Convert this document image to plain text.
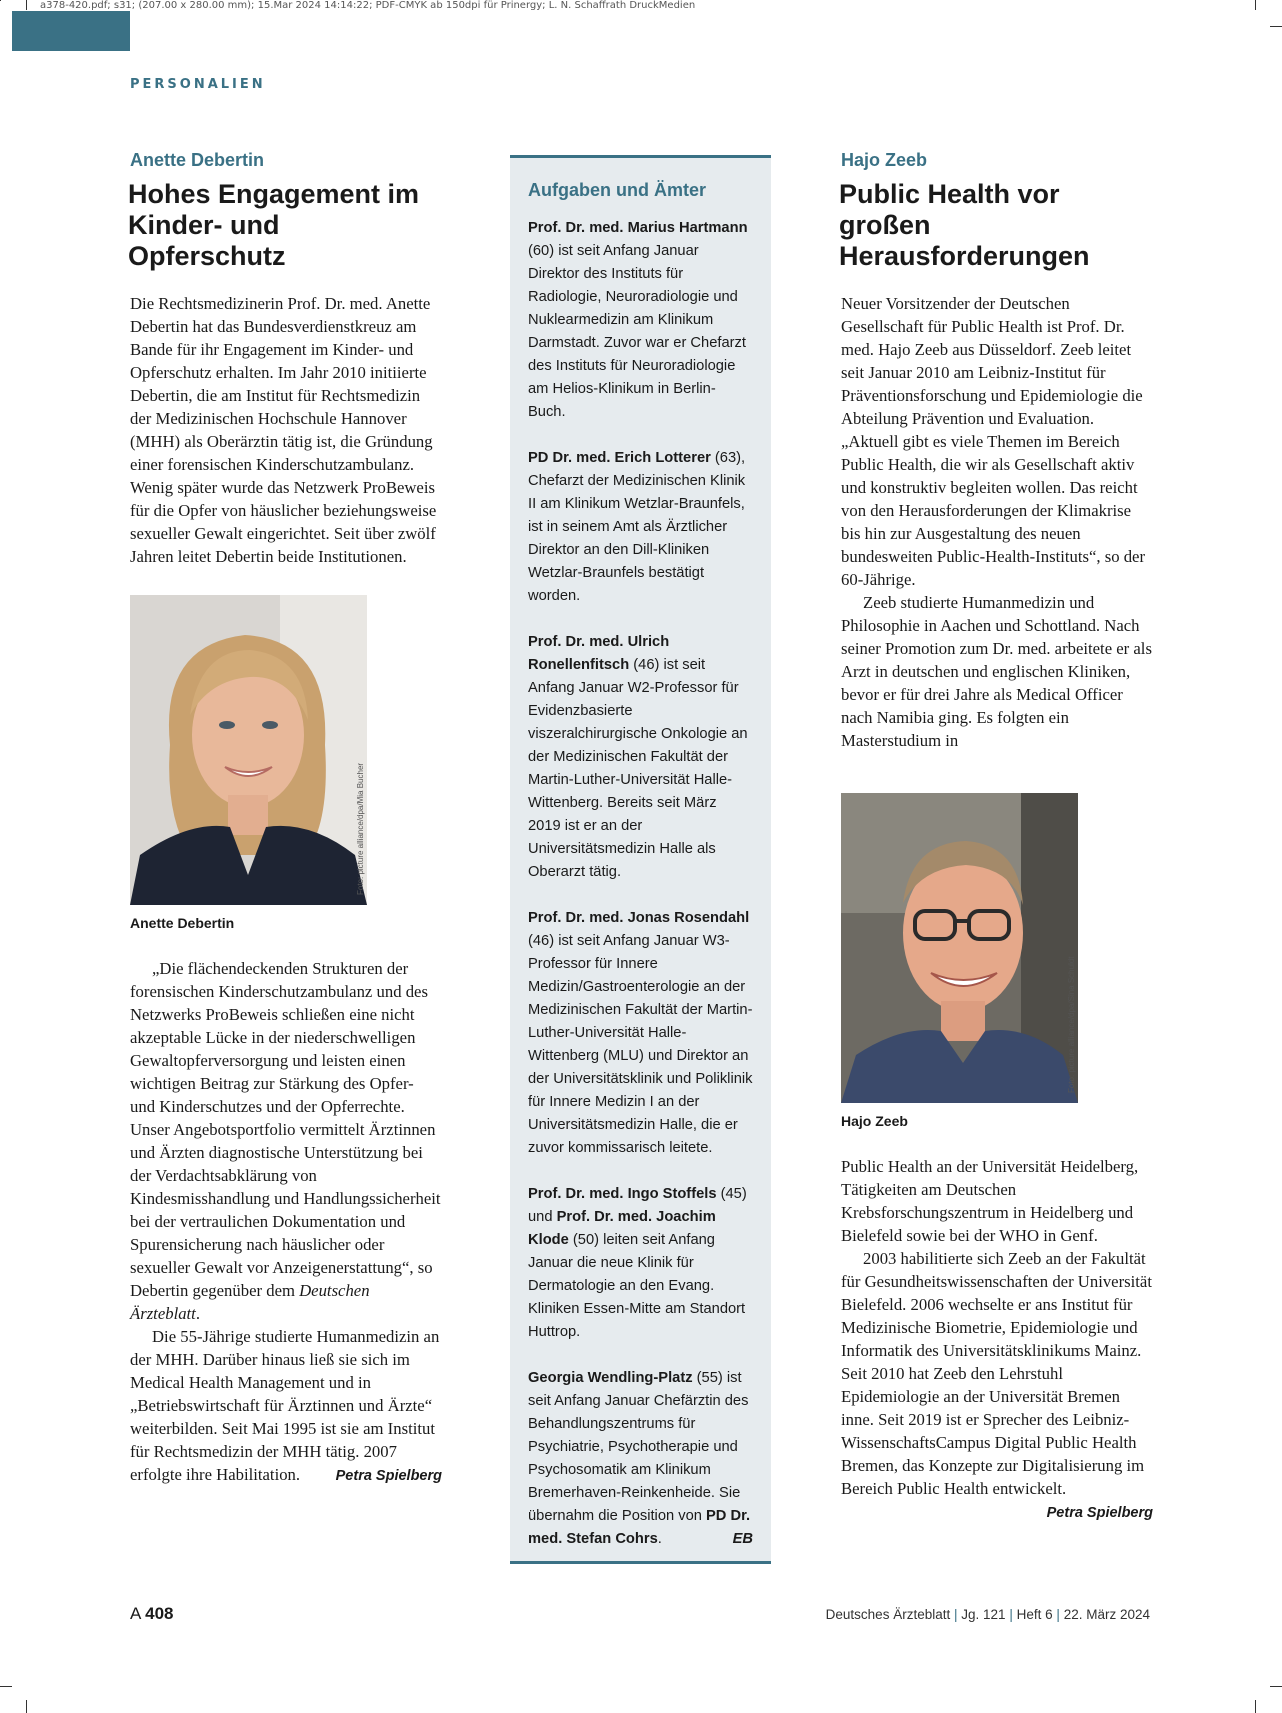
a378-420.pdf; s31; (207.00 x 280.00 mm); 15.Mar 2024 14:14:22; PDF-CMYK ab 150dpi für Prinergy; L. N. Schaffrath DruckMedien
PERSONALIEN

Anette Debertin

Hohes Engagement im
Kinder- und Opferschutz

Die Rechtsmedizinerin Prof. Dr. med. Anette Debertin hat das Bundesverdienstkreuz am Bande für ihr Engagement im Kinder- und Opferschutz erhalten. Im Jahr 2010 initiierte Debertin, die am Institut für Rechtsmedizin der Medizinischen Hochschule Hannover (MHH) als Oberärztin tätig ist, die Gründung einer forensischen Kinderschutzambulanz. Wenig später wurde das Netzwerk ProBeweis für die Opfer von häuslicher beziehungsweise sexueller Gewalt eingerichtet. Seit über zwölf Jahren leitet Debertin beide Institutionen.

Foto: picture alliance/dpa/Mia Bucher

Anette Debertin

„Die flächendeckenden Strukturen der forensischen Kinderschutzambulanz und des Netzwerks ProBeweis schließen eine nicht akzeptable Lücke in der niederschwelligen Gewaltopferversorgung und leisten einen wichtigen Beitrag zur Stärkung des Opfer- und Kinderschutzes und der Opferrechte. Unser Angebotsportfolio vermittelt Ärztinnen und Ärzten diagnostische Unterstützung bei der Verdachtsabklärung von Kindesmisshandlung und Handlungssicherheit bei der vertraulichen Dokumentation und Spurensicherung nach häuslicher oder sexueller Gewalt vor Anzeigenerstattung“, so Debertin gegenüber dem Deutschen Ärzteblatt.

Die 55-Jährige studierte Humanmedizin an der MHH. Darüber hinaus ließ sie sich im Medical Health Management und in „Betriebswirtschaft für Ärztinnen und Ärzte“ weiterbilden. Seit Mai 1995 ist sie am Institut für Rechtsmedizin der MHH tätig. 2007 erfolgte ihre Habilitation.	Petra Spielberg

Aufgaben und Ämter

Prof. Dr. med. Marius Hartmann (60) ist seit Anfang Januar Direktor des Instituts für Radiologie, Neuroradiologie und Nuklearmedizin am Klinikum Darmstadt. Zuvor war er Chefarzt des Instituts für Neuroradiologie am Helios-Klinikum in Berlin-Buch.

PD Dr. med. Erich Lotterer (63), Chefarzt der Medizinischen Klinik II am Klinikum Wetzlar-Braunfels, ist in seinem Amt als Ärztlicher Direktor an den Dill-Kliniken Wetzlar-Braunfels bestätigt worden.

Prof. Dr. med. Ulrich Ronellenfitsch (46) ist seit Anfang Januar W2-Professor für Evidenzbasierte viszeralchirurgische Onkologie an der Medizinischen Fakultät der Martin-Luther-Universität Halle-Wittenberg. Bereits seit März 2019 ist er an der Universitätsmedizin Halle als Oberarzt tätig.

Prof. Dr. med. Jonas Rosendahl (46) ist seit Anfang Januar W3-Professor für Innere Medizin/Gastroenterologie an der Medizinischen Fakultät der Martin-Luther-Universität Halle-Wittenberg (MLU) und Direktor an der Universitätsklinik und Poliklinik für Innere Medizin I an der Universitätsmedizin Halle, die er zuvor kommissarisch leitete.

Prof. Dr. med. Ingo Stoffels (45) und Prof. Dr. med. Joachim Klode (50) leiten seit Anfang Januar die neue Klinik für Dermatologie an den Evang. Kliniken Essen-Mitte am Standort Huttrop.

Georgia Wendling-Platz (55) ist seit Anfang Januar Chefärztin des Behandlungszentrums für Psychiatrie, Psychotherapie und Psychosomatik am Klinikum Bremerhaven-Reinkenheide. Sie übernahm die Position von PD Dr. med. Stefan Cohrs.	EB

Hajo Zeeb

Public Health vor großen
Herausforderungen

Neuer Vorsitzender der Deutschen Gesellschaft für Public Health ist Prof. Dr. med. Hajo Zeeb aus Düsseldorf. Zeeb leitet seit Januar 2010 am Leibniz-Institut für Präventionsforschung und Epidemiologie die Abteilung Prävention und Evaluation. „Aktuell gibt es viele Themen im Bereich Public Health, die wir als Gesellschaft aktiv und konstruktiv begleiten wollen. Das reicht von den Herausforderungen der Klimakrise bis hin zur Ausgestaltung des neuen bundesweiten Public-Health-Instituts“, so der 60-Jährige.

Zeeb studierte Humanmedizin und Philosophie in Aachen und Schottland. Nach seiner Promotion zum Dr. med. arbeitete er als Arzt in deutschen und englischen Kliniken, bevor er für drei Jahre als Medical Officer nach Namibia ging. Es folgten ein Masterstudium in

Foto: picture alliance/dpa/Sina Schuldt

Hajo Zeeb

Public Health an der Universität Heidelberg, Tätigkeiten am Deutschen Krebsforschungszentrum in Heidelberg und Bielefeld sowie bei der WHO in Genf.

2003 habilitierte sich Zeeb an der Fakultät für Gesundheitswissenschaften der Universität Bielefeld. 2006 wechselte er ans Institut für Medizinische Biometrie, Epidemiologie und Informatik des Universitätsklinikums Mainz. Seit 2010 hat Zeeb den Lehrstuhl Epidemiologie an der Universität Bremen inne. Seit 2019 ist er Sprecher des Leibniz-WissenschaftsCampus Digital Public Health Bremen, das Konzepte zur Digitalisierung im Bereich Public Health entwickelt.
Petra Spielberg

A 408	Deutsches Ärzteblatt | Jg. 121 | Heft 6 | 22. März 2024
